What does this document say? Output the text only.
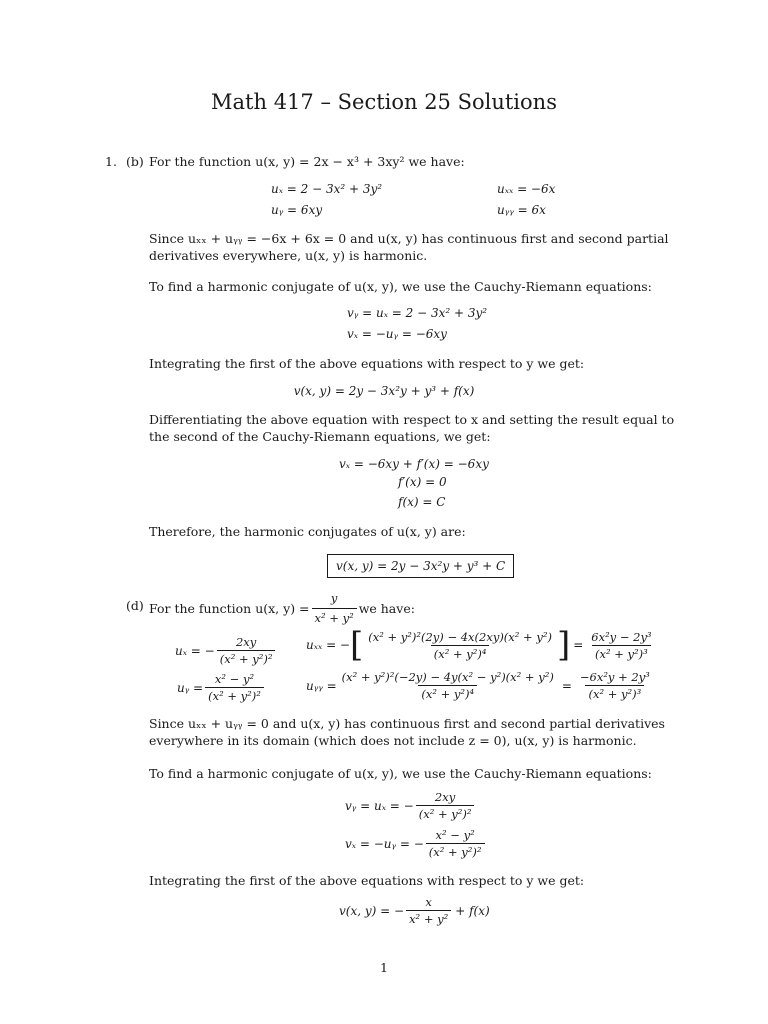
Math 417 – Section 25 Solutions
1. (b) For the function u(x, y) = 2x − x³ + 3xy² we have:
uₓ = 2 − 3x² + 3y²
uᵧ = 6xy
uₓₓ = −6x
uᵧᵧ = 6x
Since uₓₓ + uᵧᵧ = −6x + 6x = 0 and u(x, y) has continuous first and second partial derivatives everywhere, u(x, y) is harmonic.
To find a harmonic conjugate of u(x, y), we use the Cauchy-Riemann equations:
vᵧ = uₓ = 2 − 3x² + 3y²
vₓ = −uᵧ = −6xy
Integrating the first of the above equations with respect to y we get:
v(x, y) = 2y − 3x²y + y³ + f(x)
Differentiating the above equation with respect to x and setting the result equal to the second of the Cauchy-Riemann equations, we get:
vₓ = −6xy + f′(x) = −6xy
f′(x) = 0
f(x) = C
Therefore, the harmonic conjugates of u(x, y) are:
v(x, y) = 2y − 3x²y + y³ + C
(d) For the function u(x, $y) = \frac{y}{\text{x² + y²}}$ we have:
uₓ = − $\frac{2xy}{\text{(x² + y²)²}}$
uᵧ = $\frac{\text{x² − y²}}{\text{(x² + y²)²}}$
uₓₓ = − [ $\frac{\text{(x² + y²)²(2y) − 4x(2xy)(x² + y²)}}{\text{(x² + y²)⁴}}$ ] = $\frac{\text{6x²y − 2y³}}{\text{(x² + y²)³}}$
uᵧᵧ = $\frac{\text{(x² + y²)²(−2y) − 4y(x² − y²)(x² + y²)}}{\text{(x² + y²)⁴}} = \frac{\text{−6x²y + 2y³}}{\text{(x² + y²)³}}$
Since uₓₓ + uᵧᵧ = 0 and u(x, y) has continuous first and second partial derivatives everywhere in its domain (which does not include z = 0), u(x, y) is harmonic.
To find a harmonic conjugate of u(x, y), we use the Cauchy-Riemann equations:
vᵧ = uₓ = − $\frac{2xy}{\text{(x² + y²)²}}$
vₓ = −uᵧ = − $\frac{\text{x² − y²}}{\text{(x² + y²)²}}$
Integrating the first of the above equations with respect to y we get:
v(x, y) = − $\frac{x}{\text{x² + y²}} + f(x)$
1
